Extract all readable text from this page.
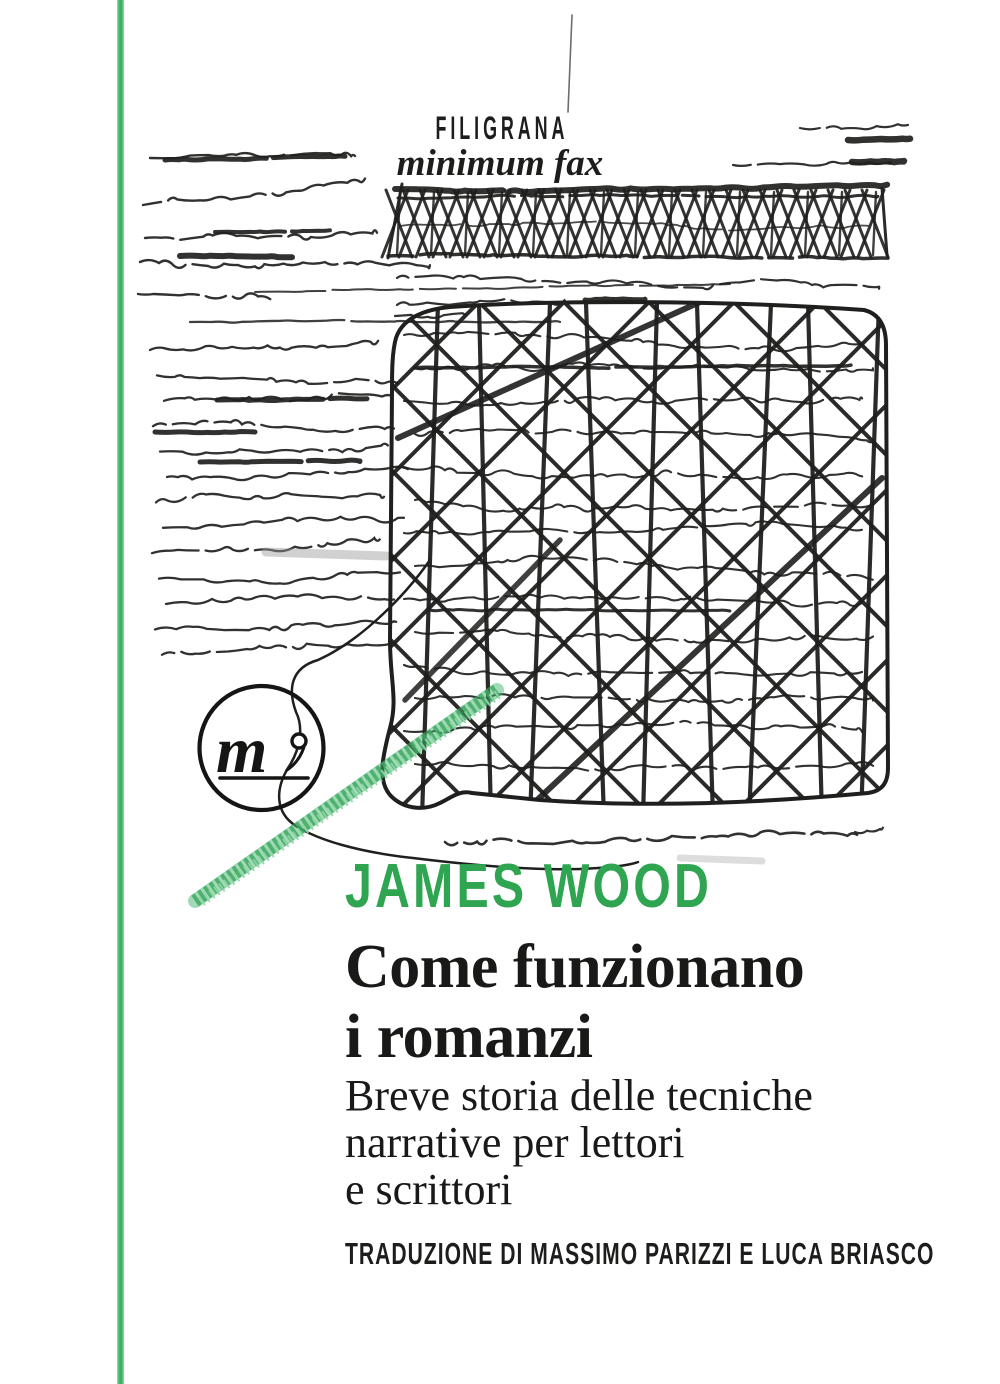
FILIGRANA
minimum fax
m
JAMES WOOD
Come funzionano
i romanzi
Breve storia delle tecniche
narrative per lettori
e scrittori
TRADUZIONE DI MASSIMO PARIZZI E LUCA BRIASCO
